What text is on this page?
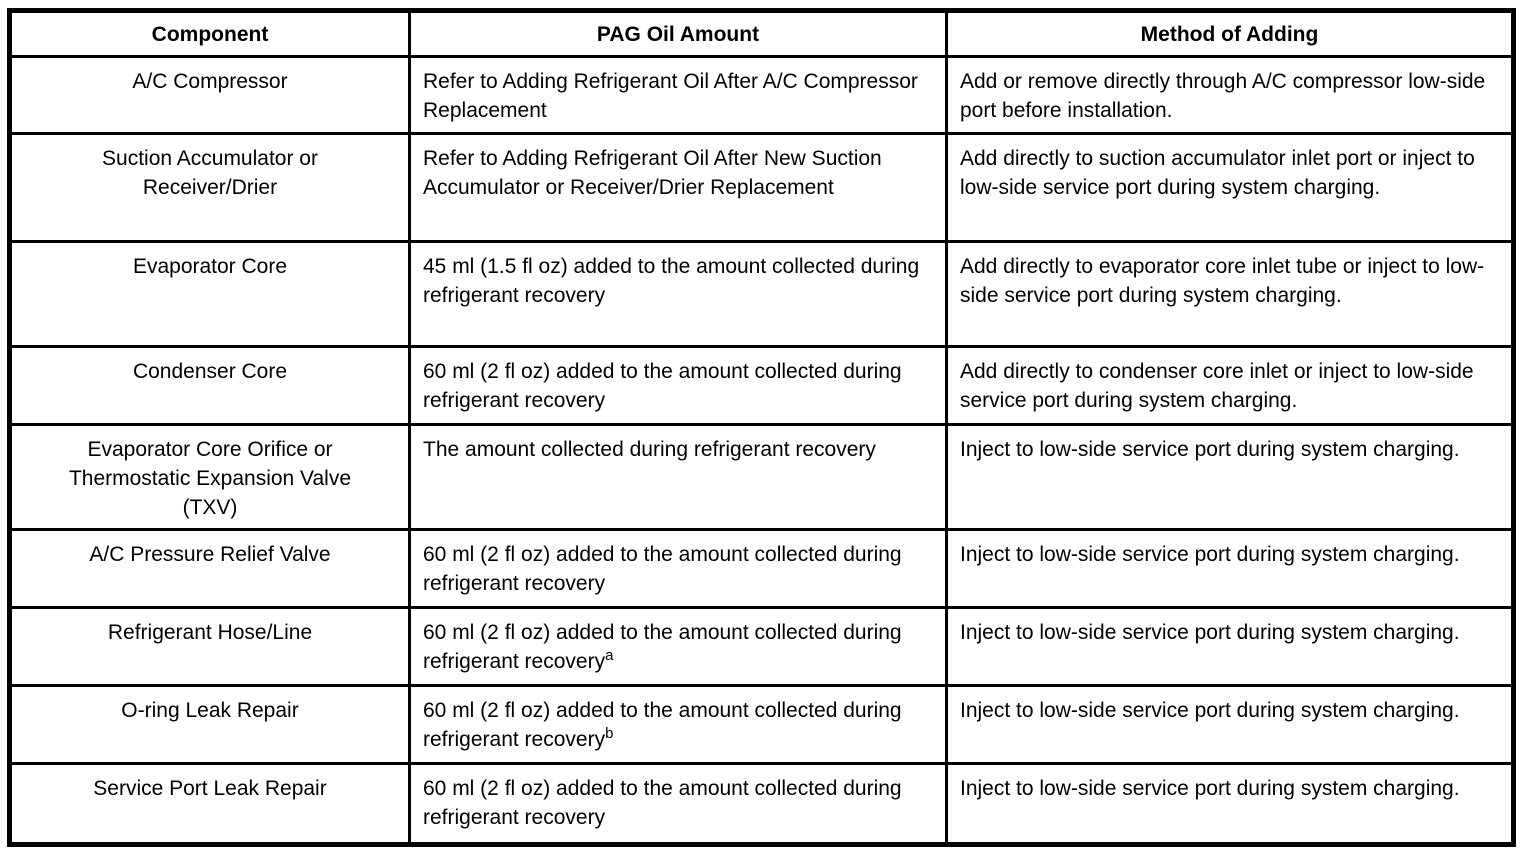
Component	PAG Oil Amount	Method of Adding
A/C Compressor	Refer to Adding Refrigerant Oil After A/C Compressor Replacement	Add or remove directly through A/C compressor low-side port before installation.
Suction Accumulator or Receiver/Drier	Refer to Adding Refrigerant Oil After New Suction Accumulator or Receiver/Drier Replacement	Add directly to suction accumulator inlet port or inject to low-side service port during system charging.
Evaporator Core	45 ml (1.5 fl oz) added to the amount collected during refrigerant recovery	Add directly to evaporator core inlet tube or inject to low-side service port during system charging.
Condenser Core	60 ml (2 fl oz) added to the amount collected during refrigerant recovery	Add directly to condenser core inlet or inject to low-side service port during system charging.
Evaporator Core Orifice or Thermostatic Expansion Valve (TXV)	The amount collected during refrigerant recovery	Inject to low-side service port during system charging.
A/C Pressure Relief Valve	60 ml (2 fl oz) added to the amount collected during refrigerant recovery	Inject to low-side service port during system charging.
Refrigerant Hose/Line	60 ml (2 fl oz) added to the amount collected during refrigerant recovery$^a$	Inject to low-side service port during system charging.
O-ring Leak Repair	60 ml (2 fl oz) added to the amount collected during refrigerant recovery$^b$	Inject to low-side service port during system charging.
Service Port Leak Repair	60 ml (2 fl oz) added to the amount collected during refrigerant recovery	Inject to low-side service port during system charging.
